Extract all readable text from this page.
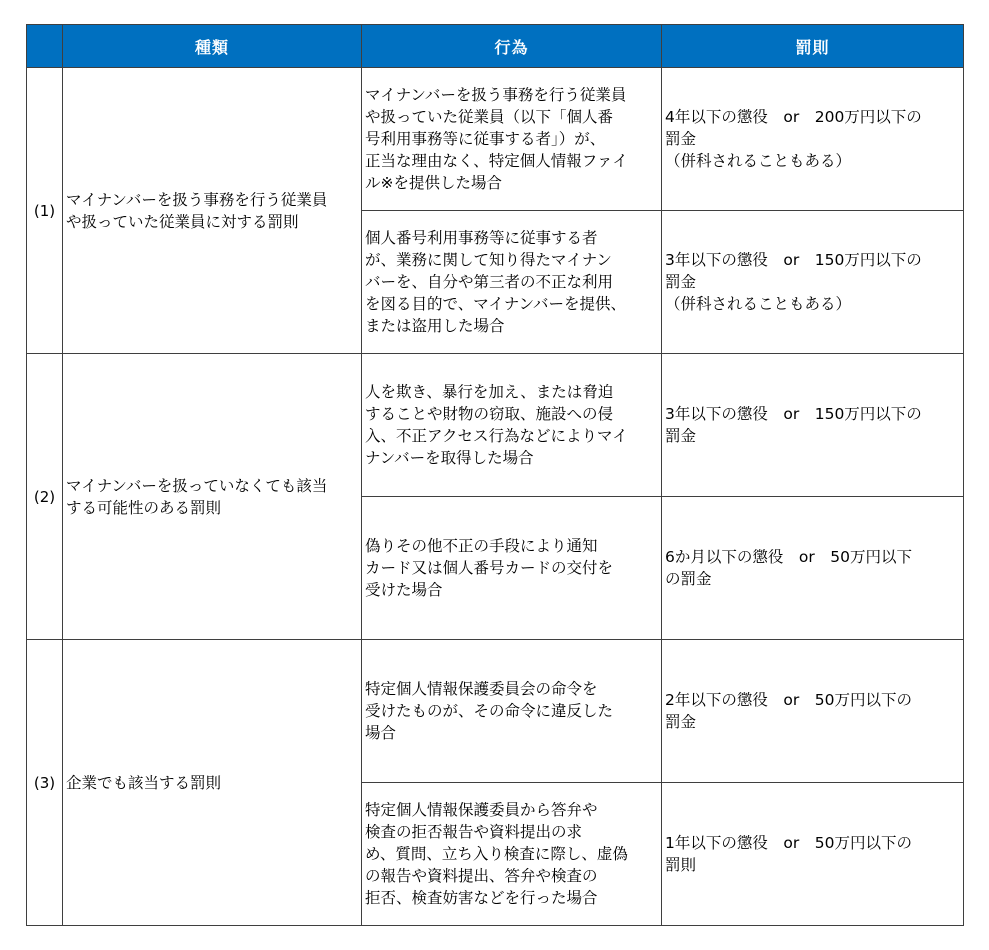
	種類	行為	罰則
(1)	マイナンバーを扱う事務を行う従業員
や扱っていた従業員に対する罰則	マイナンバーを扱う事務を行う従業員
や扱っていた従業員（以下「個人番
号利用事務等に従事する者」）が、
正当な理由なく、特定個人情報ファイ
ル※を提供した場合	4年以下の懲役　or　200万円以下の
罰金
（併科されることもある）

		個人番号利用事務等に従事する者
が、業務に関して知り得たマイナン
バーを、自分や第三者の不正な利用
を図る目的で、マイナンバーを提供、
または盗用した場合	3年以下の懲役　or　150万円以下の
罰金
（併科されることもある）

(2)	マイナンバーを扱っていなくても該当
する可能性のある罰則	人を欺き、暴行を加え、または脅迫
することや財物の窃取、施設への侵
入、不正アクセス行為などによりマイ
ナンバーを取得した場合	3年以下の懲役　or　150万円以下の
罰金

		偽りその他不正の手段により通知
カード又は個人番号カードの交付を
受けた場合	6か月以下の懲役　or　50万円以下
の罰金

(3)	企業でも該当する罰則	特定個人情報保護委員会の命令を
受けたものが、その命令に違反した
場合	2年以下の懲役　or　50万円以下の
罰金

		特定個人情報保護委員から答弁や
検査の拒否報告や資料提出の求
め、質問、立ち入り検査に際し、虚偽
の報告や資料提出、答弁や検査の
拒否、検査妨害などを行った場合	1年以下の懲役　or　50万円以下の
罰則
